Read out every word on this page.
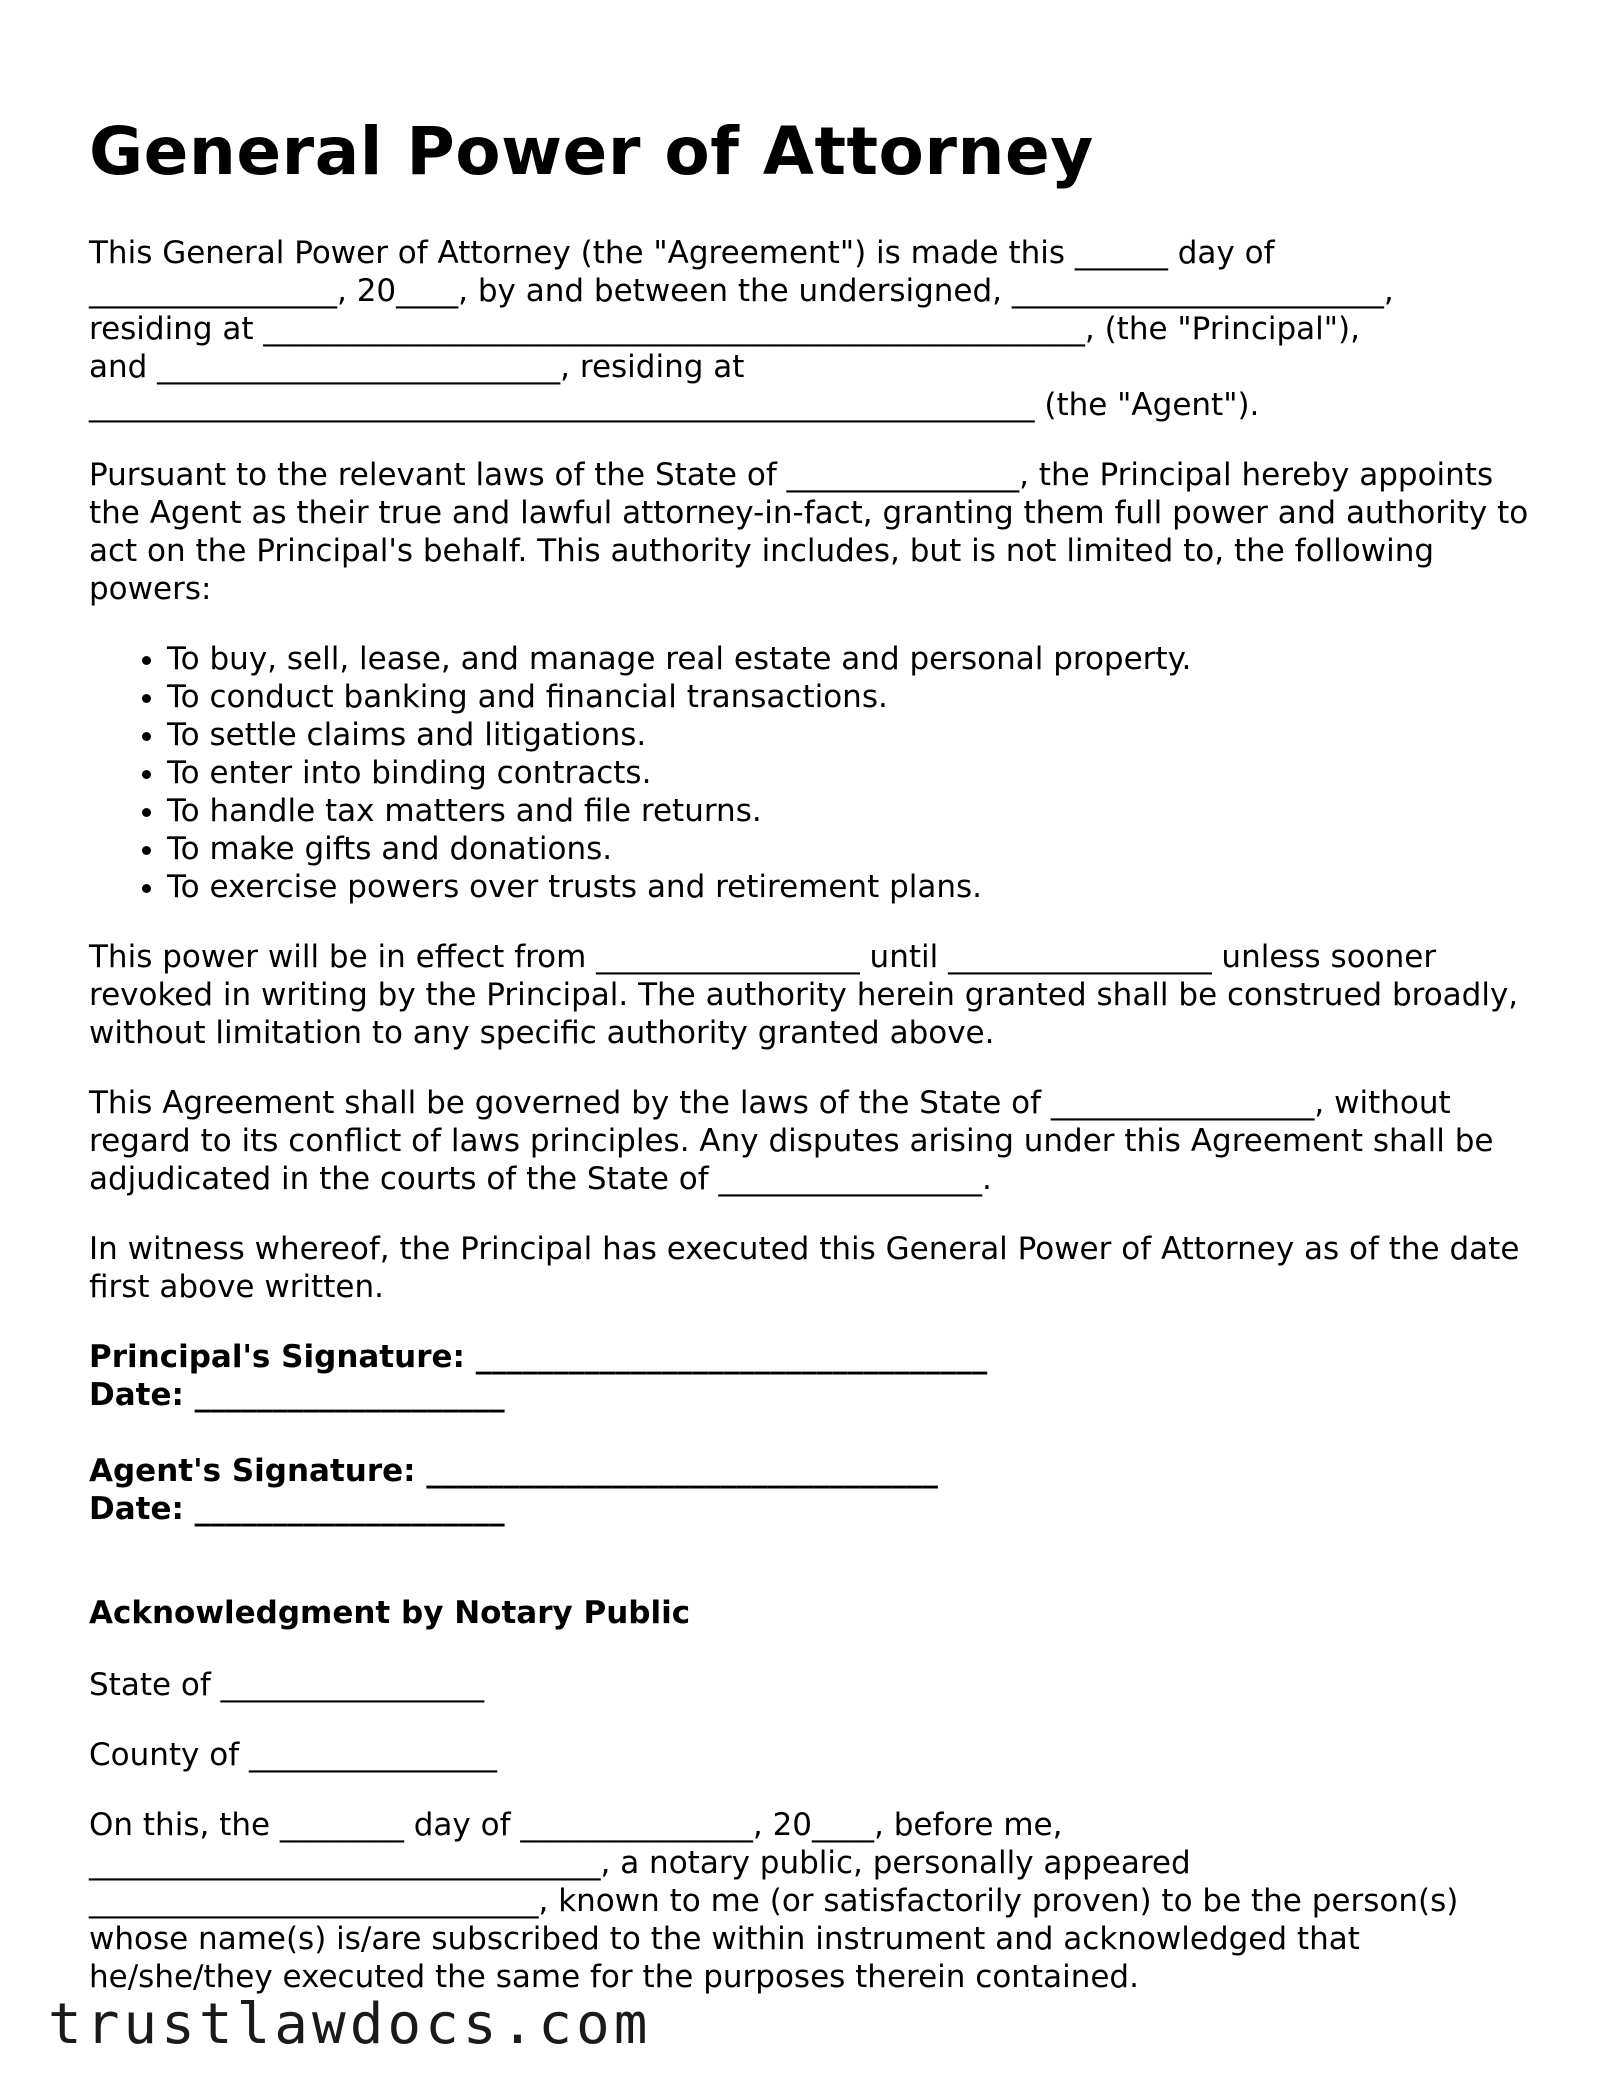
General Power of Attorney

This General Power of Attorney (the "Agreement") is made this ______ day of

________________, 20____, by and between the undersigned, ________________________,

residing at _____________________________________________________, (the "Principal"),

and __________________________, residing at

_____________________________________________________________ (the "Agent").

Pursuant to the relevant laws of the State of _______________, the Principal hereby appoints the Agent as their true and lawful attorney-in-fact, granting them full power and authority to act on the Principal's behalf. This authority includes, but is not limited to, the following powers:

• To buy, sell, lease, and manage real estate and personal property.
• To conduct banking and financial transactions.
• To settle claims and litigations.
• To enter into binding contracts.
• To handle tax matters and file returns.
• To make gifts and donations.
• To exercise powers over trusts and retirement plans.

This power will be in effect from _________________ until _________________ unless sooner revoked in writing by the Principal. The authority herein granted shall be construed broadly, without limitation to any specific authority granted above.

This Agreement shall be governed by the laws of the State of _________________, without regard to its conflict of laws principles. Any disputes arising under this Agreement shall be adjudicated in the courts of the State of _________________.

In witness whereof, the Principal has executed this General Power of Attorney as of the date first above written.

Principal's Signature: _________________________________
Date: ____________________
Agent's Signature: _________________________________
Date: ____________________
Acknowledgment by Notary Public

State of _________________

County of ________________

On this, the ________ day of _______________, 20____, before me, _________________________________, a notary public, personally appeared _____________________________, known to me (or satisfactorily proven) to be the person(s) whose name(s) is/are subscribed to the within instrument and acknowledged that he/she/they executed the same for the purposes therein contained.

trustlawdocs.com
